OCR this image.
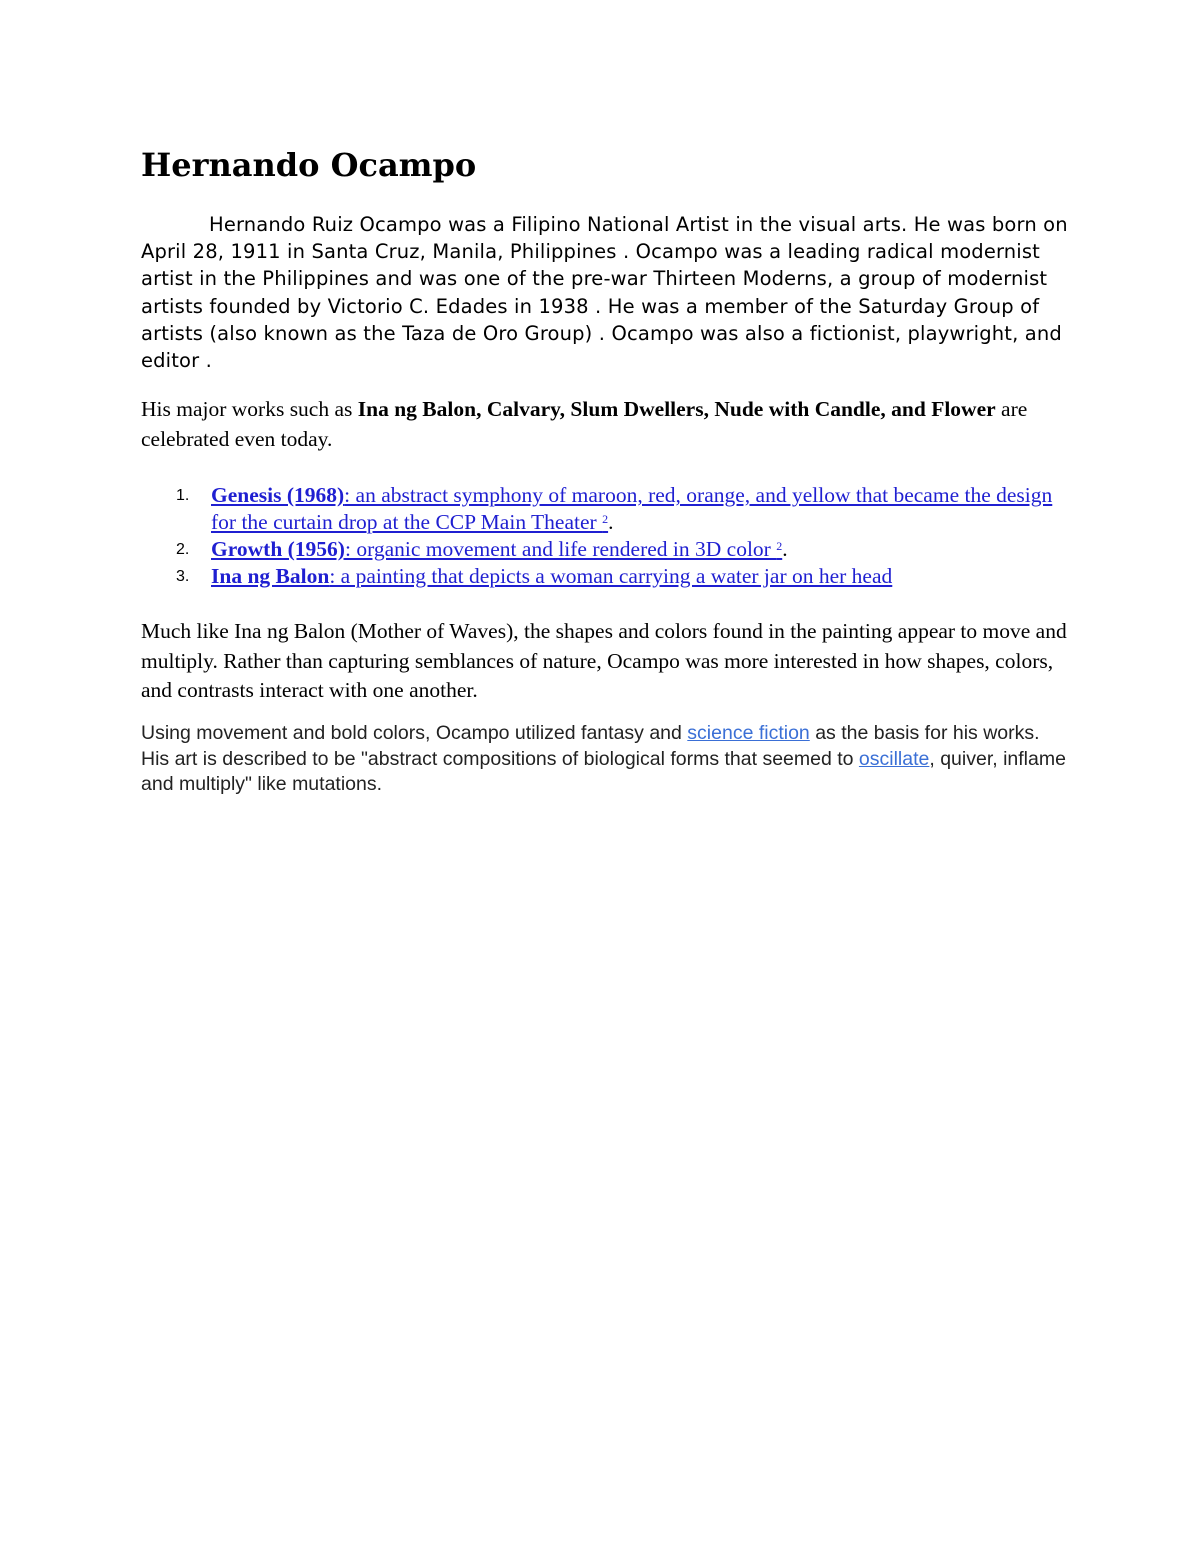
Hernando Ocampo

Hernando Ruiz Ocampo was a Filipino National Artist in the visual arts. He was born on April 28, 1911 in Santa Cruz, Manila, Philippines . Ocampo was a leading radical modernist artist in the Philippines and was one of the pre-war Thirteen Moderns, a group of modernist artists founded by Victorio C. Edades in 1938 . He was a member of the Saturday Group of artists (also known as the Taza de Oro Group) . Ocampo was also a fictionist, playwright, and editor .

His major works such as Ina ng Balon, Calvary, Slum Dwellers, Nude with Candle, and Flower are celebrated even today.

1. Genesis (1968): an abstract symphony of maroon, red, orange, and yellow that became the design for the curtain drop at the CCP Main Theater $^2$.
2. Growth (1956): organic movement and life rendered in 3D color $^2$.
3. Ina ng Balon: a painting that depicts a woman carrying a water jar on her head

Much like Ina ng Balon (Mother of Waves), the shapes and colors found in the painting appear to move and multiply. Rather than capturing semblances of nature, Ocampo was more interested in how shapes, colors, and contrasts interact with one another.

Using movement and bold colors, Ocampo utilized fantasy and science fiction as the basis for his works. His art is described to be "abstract compositions of biological forms that seemed to oscillate, quiver, inflame and multiply" like mutations.
